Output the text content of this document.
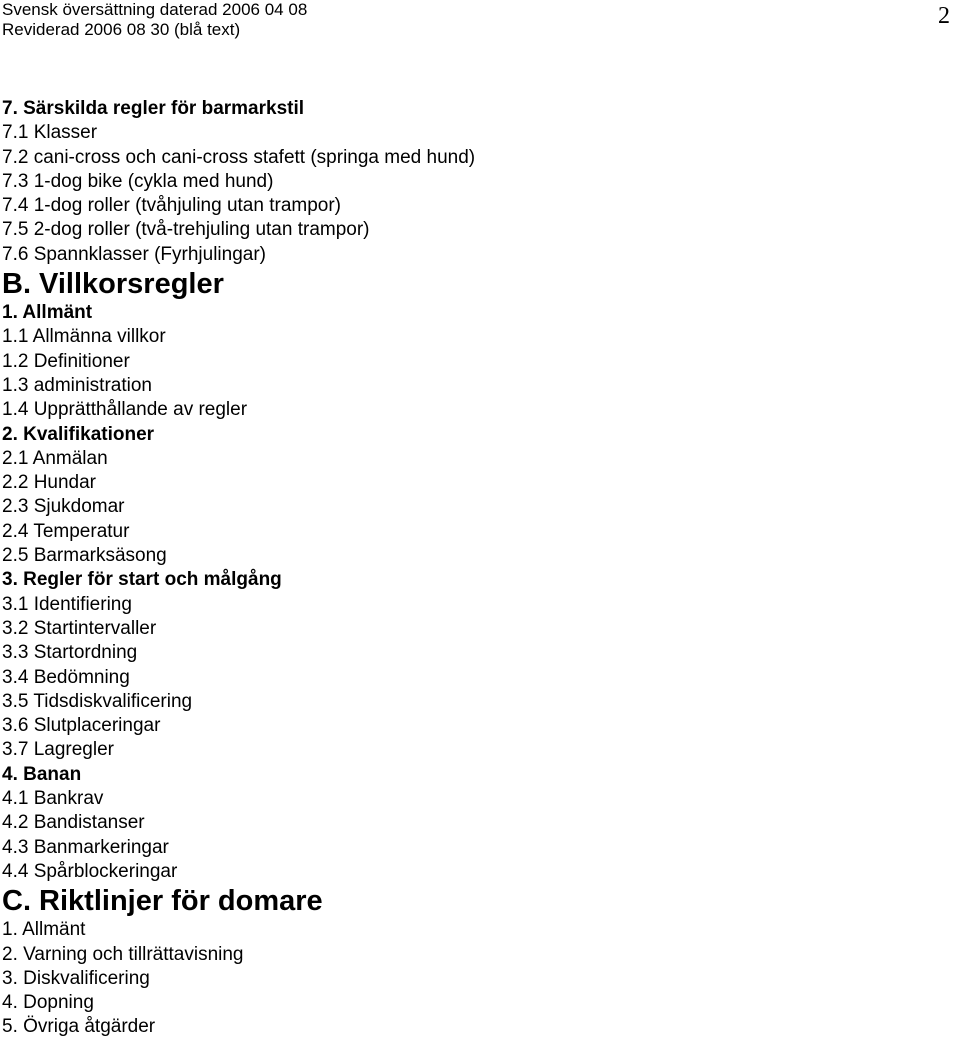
Svensk översättning daterad 2006 04 08
Reviderad 2006 08 30 (blå text)
2
7. Särskilda regler för barmarkstil
7.1 Klasser
7.2 cani-cross och cani-cross stafett (springa med hund)
7.3 1-dog bike (cykla med hund)
7.4 1-dog roller (tvåhjuling utan trampor)
7.5 2-dog roller (två-trehjuling utan trampor)
7.6 Spannklasser (Fyrhjulingar)
B. Villkorsregler
1. Allmänt
1.1 Allmänna villkor
1.2 Definitioner
1.3 administration
1.4 Upprätthållande av regler
2. Kvalifikationer
2.1 Anmälan
2.2 Hundar
2.3 Sjukdomar
2.4 Temperatur
2.5 Barmarksäsong
3. Regler för start och målgång
3.1 Identifiering
3.2 Startintervaller
3.3 Startordning
3.4 Bedömning
3.5 Tidsdiskvalificering
3.6 Slutplaceringar
3.7 Lagregler
4. Banan
4.1 Bankrav
4.2 Bandistanser
4.3 Banmarkeringar
4.4 Spårblockeringar
C. Riktlinjer för domare
1. Allmänt
2. Varning och tillrättavisning
3. Diskvalificering
4. Dopning
5. Övriga åtgärder
